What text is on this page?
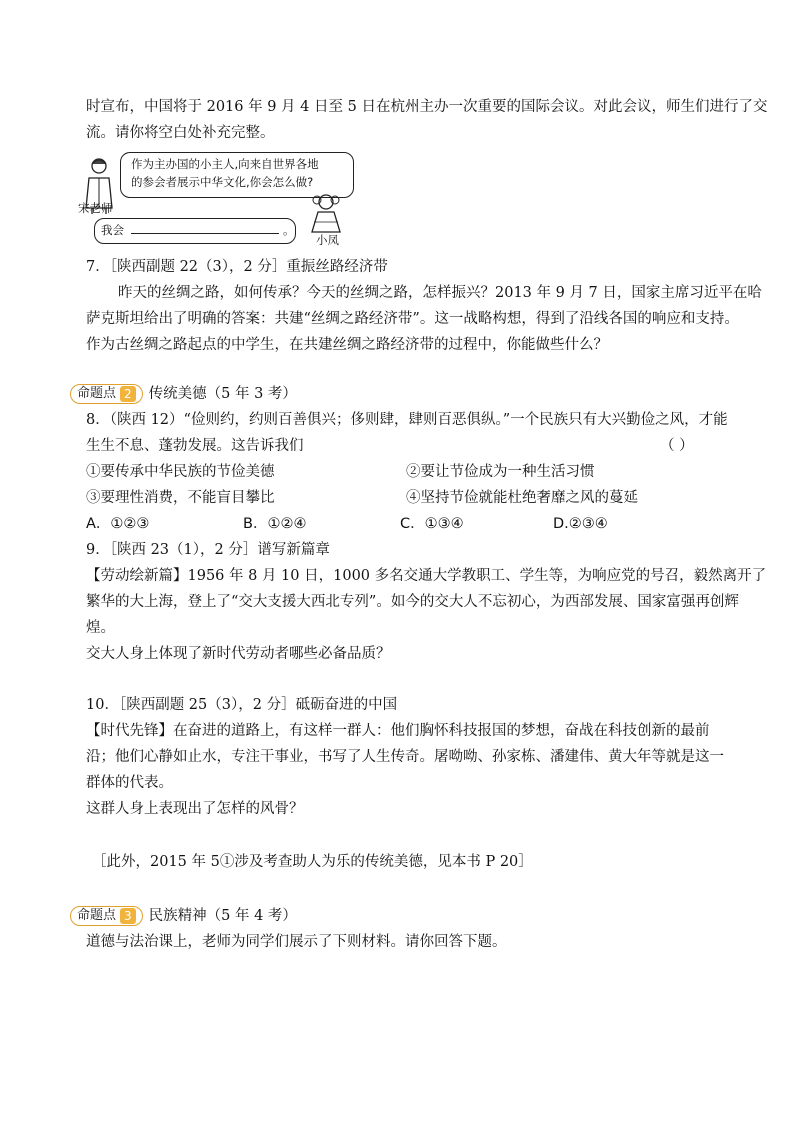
时宣布，中国将于 2016 年 9 月 4 日至 5 日在杭州主办一次重要的国际会议。对此会议，师生们进行了交
流。请你将空白处补充完整。
宋老师
作为主办国的小主人,向来自世界各地
的参会者展示中华文化,你会怎么做?
我会	。
小凤
7．［陕西副题 22（3），2 分］重振丝路经济带
昨天的丝绸之路，如何传承？今天的丝绸之路，怎样振兴？2013 年 9 月 7 日，国家主席习近平在哈
萨克斯坦给出了明确的答案：共建“丝绸之路经济带”。这一战略构想，得到了沿线各国的响应和支持。
作为古丝绸之路起点的中学生，在共建丝绸之路经济带的过程中，你能做些什么？
命题点 2 传统美德（5 年 3 考）
8．（陕西 12）“俭则约，约则百善俱兴；侈则肆，肆则百恶俱纵。”一个民族只有大兴勤俭之风，才能
生生不息、蓬勃发展。这告诉我们	（ ）
①要传承中华民族的节俭美德	②要让节俭成为一种生活习惯
③要理性消费，不能盲目攀比	④坚持节俭就能杜绝奢靡之风的蔓延
A．①②③	B．①②④	C．①③④	D.②③④
9．［陕西 23（1），2 分］谱写新篇章
【劳动绘新篇】1956 年 8 月 10 日，1000 多名交通大学教职工、学生等，为响应党的号召，毅然离开了
繁华的大上海，登上了“交大支援大西北专列”。如今的交大人不忘初心，为西部发展、国家富强再创辉
煌。
交大人身上体现了新时代劳动者哪些必备品质？
10．［陕西副题 25（3），2 分］砥砺奋进的中国
【时代先锋】在奋进的道路上，有这样一群人：他们胸怀科技报国的梦想，奋战在科技创新的最前
沿；他们心静如止水，专注干事业，书写了人生传奇。屠呦呦、孙家栋、潘建伟、黄大年等就是这一
群体的代表。
这群人身上表现出了怎样的风骨？
［此外，2015 年 5①涉及考查助人为乐的传统美德，见本书 P 20］
命题点 3 民族精神（5 年 4 考）
道德与法治课上，老师为同学们展示了下则材料。请你回答下题。
